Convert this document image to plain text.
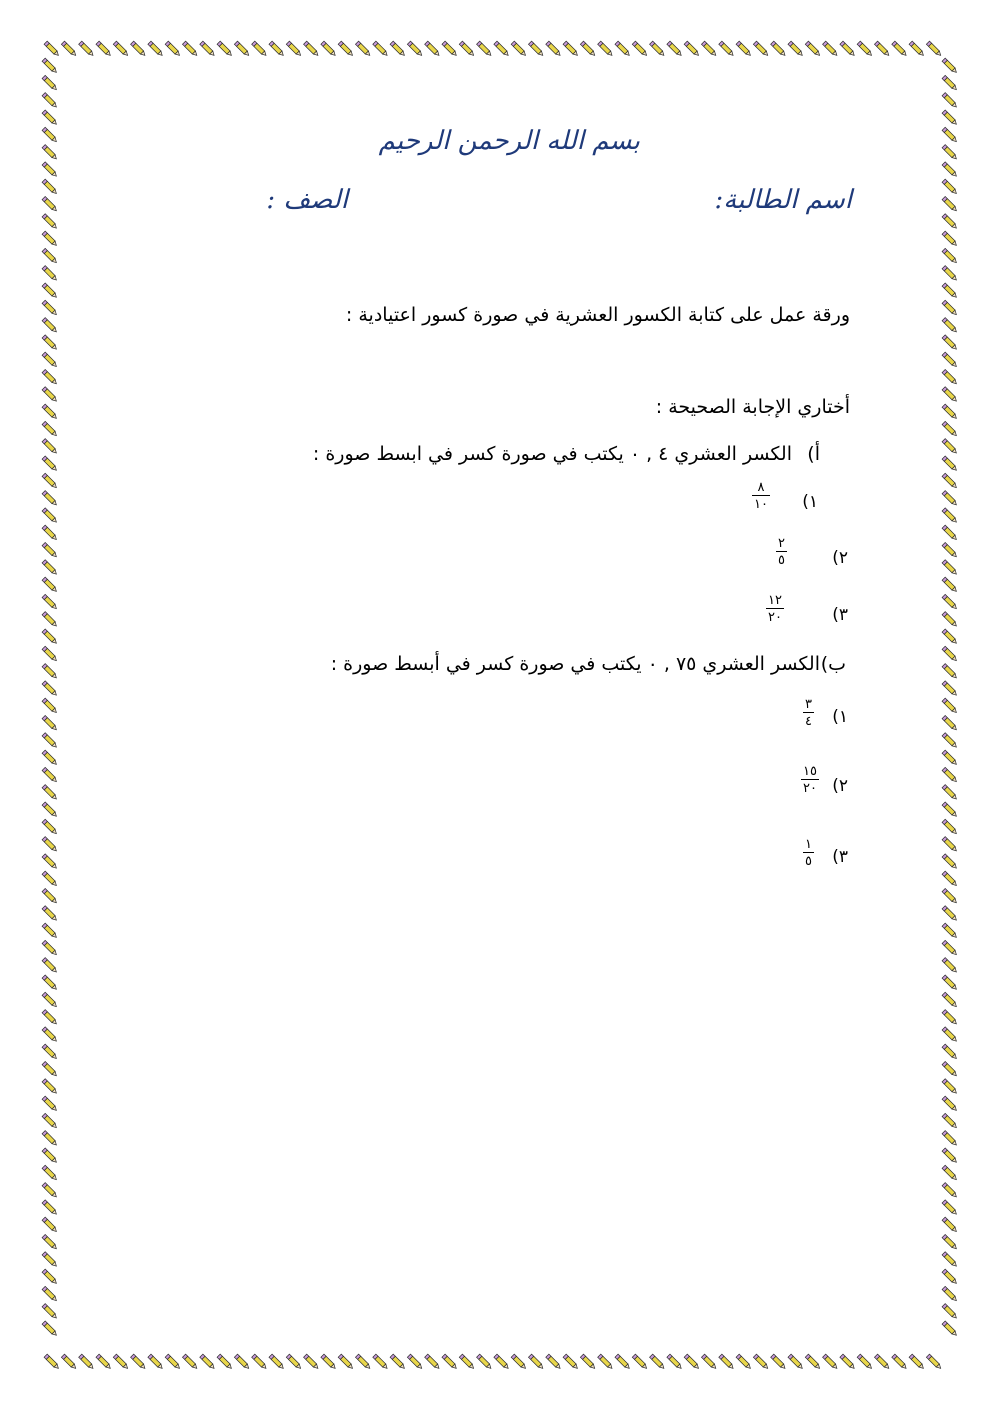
بسم الله الرحمن الرحيم
اسم الطالبة:
الصف :
ورقة عمل على كتابة الكسور العشرية في صورة كسور اعتيادية :
أختاري الإجابة الصحيحة :
أ)
الكسر العشري ٤ , ٠ يكتب في صورة كسر في ابسط صورة :
١)
٨
١٠
٢)
٢
٥
٣)
١٢
٢٠
ب)
الكسر العشري ٧٥ , ٠ يكتب في صورة كسر في أبسط صورة :
١)
٣
٤
٢)
١٥
٢٠
٣)
١
٥
